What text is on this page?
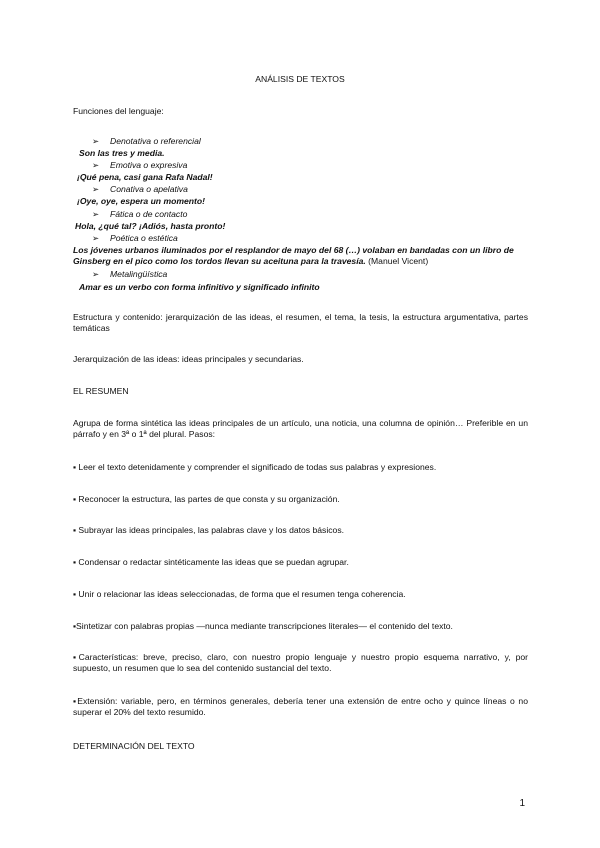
ANÁLISIS DE TEXTOS
Funciones del lenguaje:
➢ Denotativa o referencial
Son las tres y media.
➢ Emotiva o expresiva
¡Qué pena, casi gana Rafa Nadal!
➢ Conativa o apelativa
¡Oye, oye, espera un momento!
➢ Fática o de contacto
Hola, ¿qué tal? ¡Adiós, hasta pronto!
➢ Poética o estética
Los jóvenes urbanos iluminados por el resplandor de mayo del 68 (…) volaban en bandadas con un libro de Ginsberg en el pico como los tordos llevan su aceituna para la travesía. (Manuel Vicent)
➢ Metalingüística
Amar es un verbo con forma infinitivo y significado infinito
Estructura y contenido: jerarquización de las ideas, el resumen, el tema, la tesis, la estructura argumentativa, partes temáticas
Jerarquización de las ideas: ideas principales y secundarias.
EL RESUMEN
Agrupa de forma sintética las ideas principales de un artículo, una noticia, una columna de opinión… Preferible en un párrafo y en 3ª o 1ª del plural. Pasos:
▪ Leer el texto detenidamente y comprender el significado de todas sus palabras y expresiones.
▪ Reconocer la estructura, las partes de que consta y su organización.
▪ Subrayar las ideas principales, las palabras clave y los datos básicos.
▪ Condensar o redactar sintéticamente las ideas que se puedan agrupar.
▪ Unir o relacionar las ideas seleccionadas, de forma que el resumen tenga coherencia.
▪Sintetizar con palabras propias —nunca mediante transcripciones literales— el contenido del texto.
▪Características: breve, preciso, claro, con nuestro propio lenguaje y nuestro propio esquema narrativo, y, por supuesto, un resumen que lo sea del contenido sustancial del texto.
▪Extensión: variable, pero, en términos generales, debería tener una extensión de entre ocho y quince líneas o no superar el 20% del texto resumido.
DETERMINACIÓN DEL TEXTO
1
